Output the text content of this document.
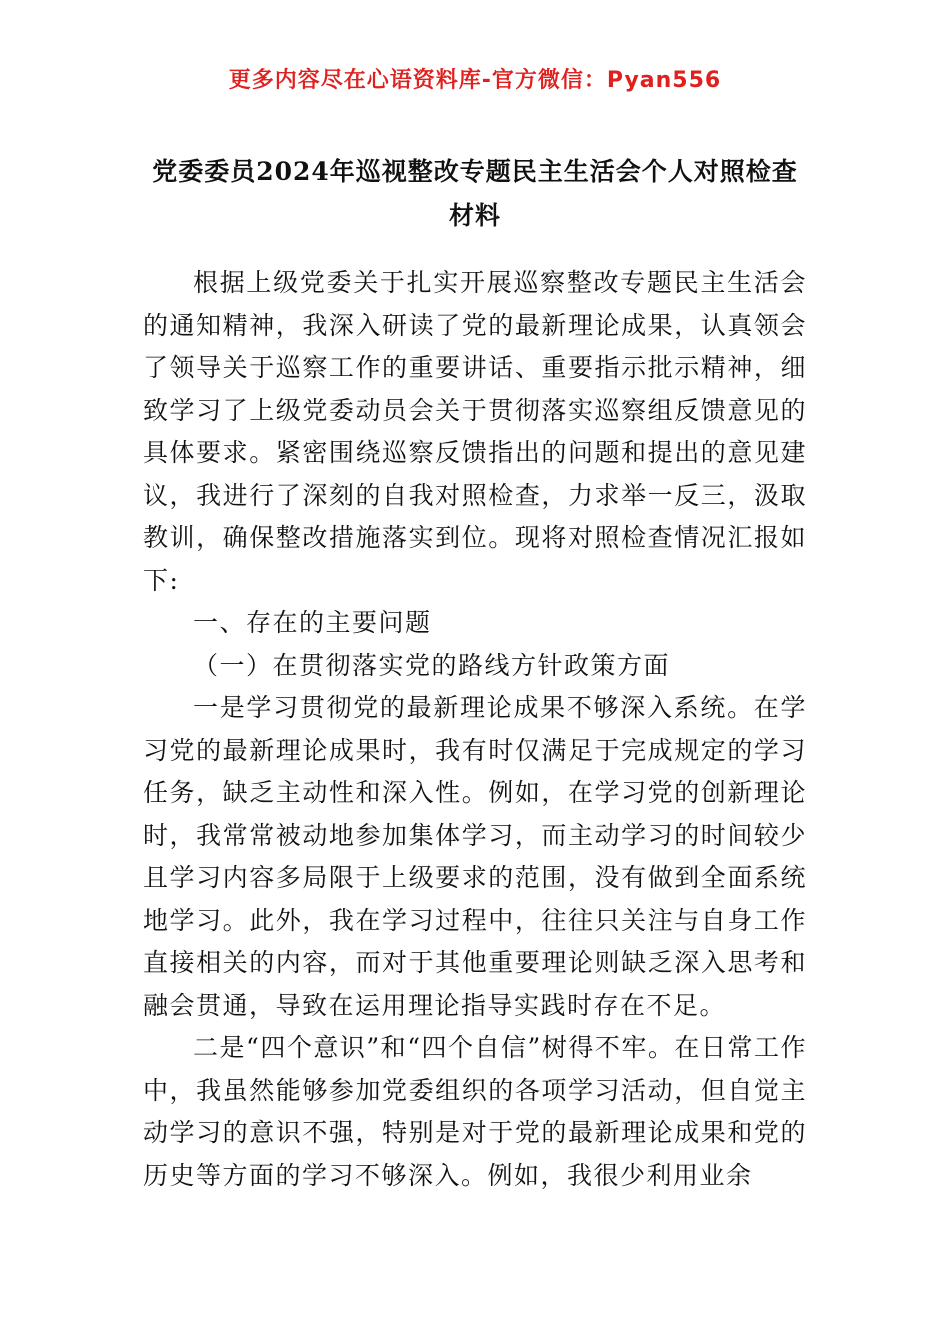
更多内容尽在心语资料库-官方微信：Pyan556
党委委员2024年巡视整改专题民主生活会个人对照检查材料

根据上级党委关于扎实开展巡察整改专题民主生活会的通知精神，我深入研读了党的最新理论成果，认真领会了领导关于巡察工作的重要讲话、重要指示批示精神，细致学习了上级党委动员会关于贯彻落实巡察组反馈意见的具体要求。紧密围绕巡察反馈指出的问题和提出的意见建议，我进行了深刻的自我对照检查，力求举一反三，汲取教训，确保整改措施落实到位。现将对照检查情况汇报如下:

一、存在的主要问题

（一）在贯彻落实党的路线方针政策方面

一是学习贯彻党的最新理论成果不够深入系统。在学习党的最新理论成果时，我有时仅满足于完成规定的学习任务，缺乏主动性和深入性。例如，在学习党的创新理论时，我常常被动地参加集体学习，而主动学习的时间较少且学习内容多局限于上级要求的范围，没有做到全面系统地学习。此外，我在学习过程中，往往只关注与自身工作直接相关的内容，而对于其他重要理论则缺乏深入思考和融会贯通，导致在运用理论指导实践时存在不足。

二是“四个意识”和“四个自信”树得不牢。在日常工作中，我虽然能够参加党委组织的各项学习活动，但自觉主动学习的意识不强，特别是对于党的最新理论成果和党的历史等方面的学习不够深入。例如，我很少利用业余
